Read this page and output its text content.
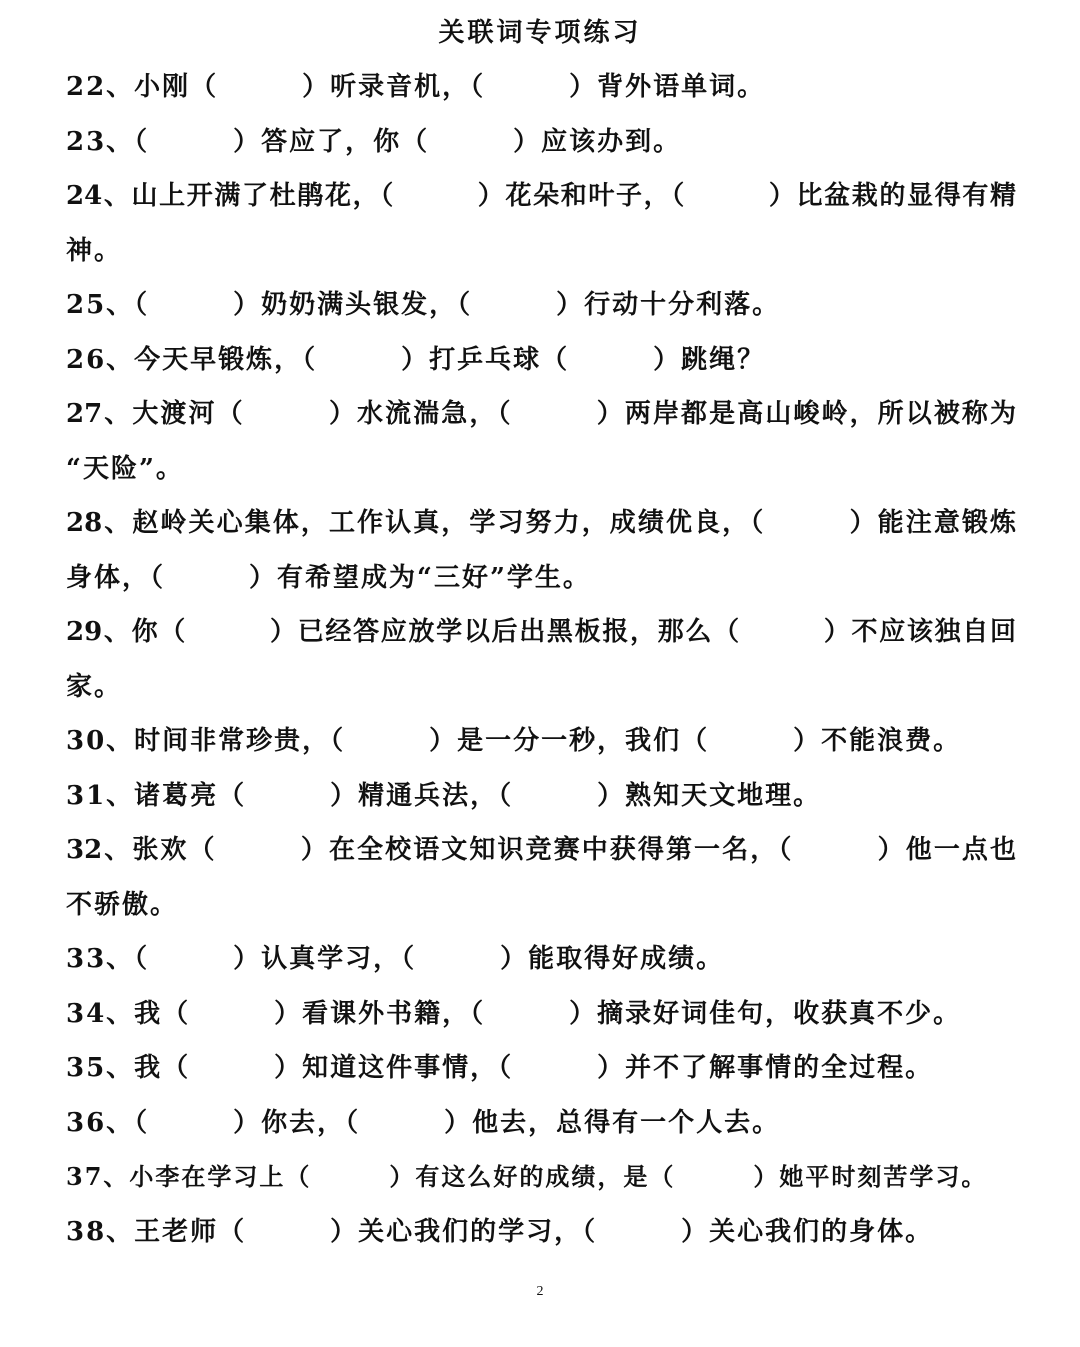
关联词专项练习
22、小刚（　　　）听录音机，（　　　）背外语单词。
23、（　　　）答应了，你（　　　）应该办到。
24、山上开满了杜鹃花，（　　　）花朵和叶子，（　　　）比盆栽的显得有精
神。
25、（　　　）奶奶满头银发，（　　　）行动十分利落。
26、今天早锻炼，（　　　）打乒乓球（　　　）跳绳？
27、大渡河（　　　）水流湍急，（　　　）两岸都是高山峻岭，所以被称为
“天险”。
28、赵岭关心集体，工作认真，学习努力，成绩优良，（　　　）能注意锻炼
身体，（　　　）有希望成为“三好”学生。
29、你（　　　）已经答应放学以后出黑板报，那么（　　　）不应该独自回
家。
30、时间非常珍贵，（　　　）是一分一秒，我们（　　　）不能浪费。
31、诸葛亮（　　　）精通兵法，（　　　）熟知天文地理。
32、张欢（　　　）在全校语文知识竞赛中获得第一名，（　　　）他一点也
不骄傲。
33、（　　　）认真学习，（　　　）能取得好成绩。
34、我（　　　）看课外书籍，（　　　）摘录好词佳句，收获真不少。
35、我（　　　）知道这件事情，（　　　）并不了解事情的全过程。
36、（　　　）你去，（　　　）他去，总得有一个人去。
37、小李在学习上（　　　）有这么好的成绩，是（　　　）她平时刻苦学习。
38、王老师（　　　）关心我们的学习，（　　　）关心我们的身体。
2
